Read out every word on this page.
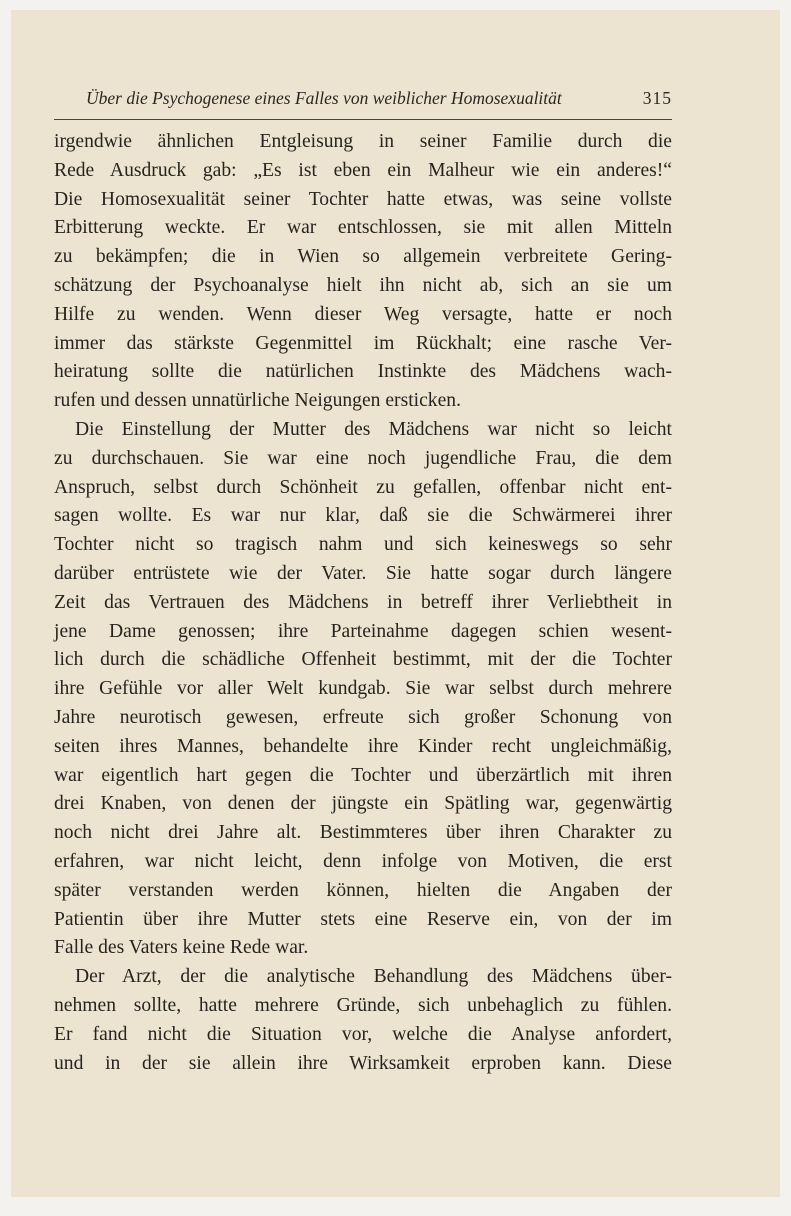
Über die Psychogenese eines Falles von weiblicher Homosexualität	315
irgendwie ähnlichen Entgleisung in seiner Familie durch die
Rede Ausdruck gab: „Es ist eben ein Malheur wie ein anderes!“
Die Homosexualität seiner Tochter hatte etwas, was seine vollste
Erbitterung weckte. Er war entschlossen, sie mit allen Mitteln
zu bekämpfen; die in Wien so allgemein verbreitete Gering-
schätzung der Psychoanalyse hielt ihn nicht ab, sich an sie um
Hilfe zu wenden. Wenn dieser Weg versagte, hatte er noch
immer das stärkste Gegenmittel im Rückhalt; eine rasche Ver-
heiratung sollte die natürlichen Instinkte des Mädchens wach-
rufen und dessen unnatürliche Neigungen ersticken.
Die Einstellung der Mutter des Mädchens war nicht so leicht
zu durchschauen. Sie war eine noch jugendliche Frau, die dem
Anspruch, selbst durch Schönheit zu gefallen, offenbar nicht ent-
sagen wollte. Es war nur klar, daß sie die Schwärmerei ihrer
Tochter nicht so tragisch nahm und sich keineswegs so sehr
darüber entrüstete wie der Vater. Sie hatte sogar durch längere
Zeit das Vertrauen des Mädchens in betreff ihrer Verliebtheit in
jene Dame genossen; ihre Parteinahme dagegen schien wesent-
lich durch die schädliche Offenheit bestimmt, mit der die Tochter
ihre Gefühle vor aller Welt kundgab. Sie war selbst durch mehrere
Jahre neurotisch gewesen, erfreute sich großer Schonung von
seiten ihres Mannes, behandelte ihre Kinder recht ungleichmäßig,
war eigentlich hart gegen die Tochter und überzärtlich mit ihren
drei Knaben, von denen der jüngste ein Spätling war, gegenwärtig
noch nicht drei Jahre alt. Bestimmteres über ihren Charakter zu
erfahren, war nicht leicht, denn infolge von Motiven, die erst
später verstanden werden können, hielten die Angaben der
Patientin über ihre Mutter stets eine Reserve ein, von der im
Falle des Vaters keine Rede war.
Der Arzt, der die analytische Behandlung des Mädchens über-
nehmen sollte, hatte mehrere Gründe, sich unbehaglich zu fühlen.
Er fand nicht die Situation vor, welche die Analyse anfordert,
und in der sie allein ihre Wirksamkeit erproben kann. Diese
